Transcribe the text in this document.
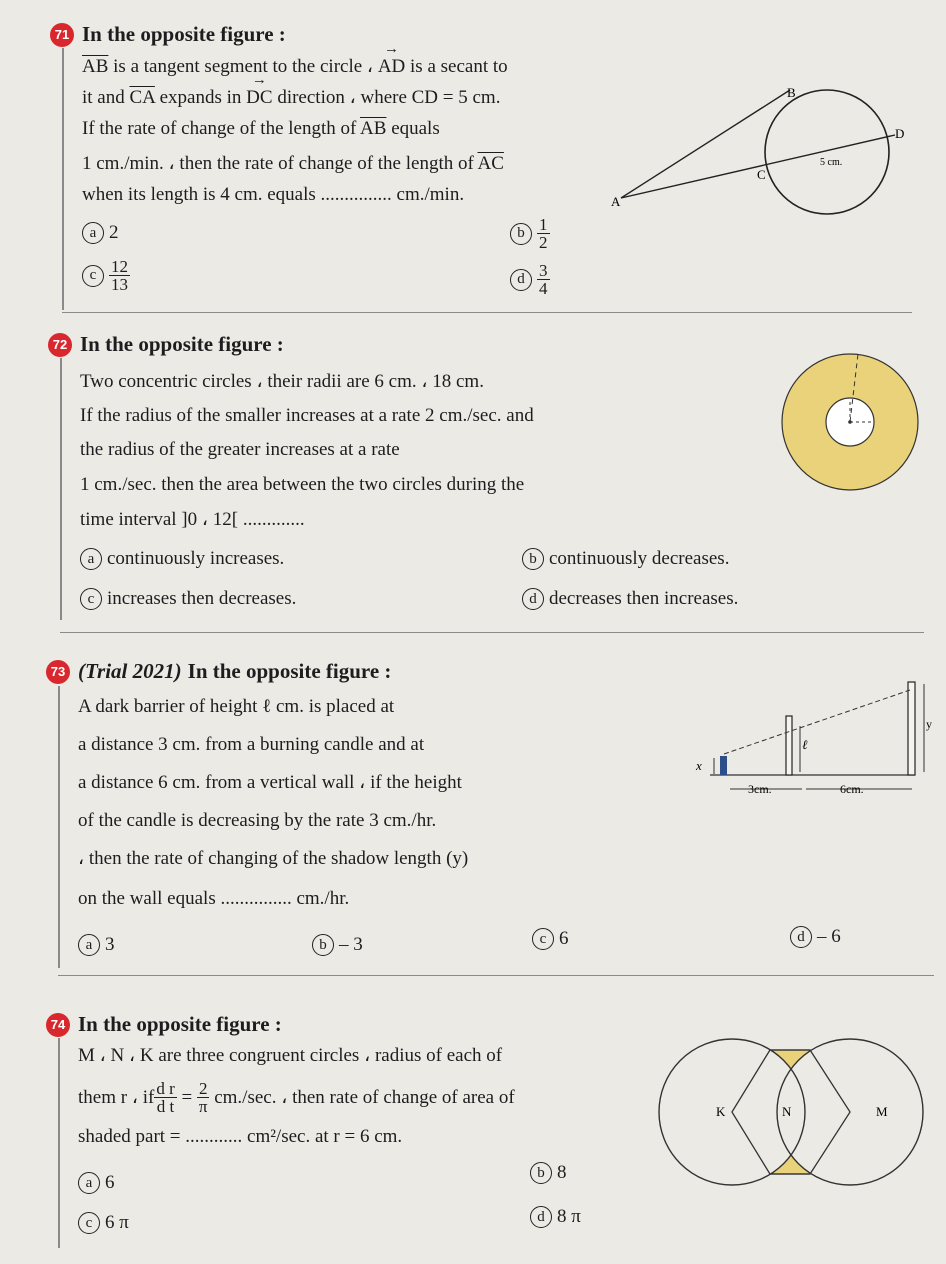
71 In the opposite figure :
$\overline{AB}$ is a tangent segment to the circle ، → AD is a secant to
it and $\overline{CA}$ expands in → DC direction ، where CD = 5 cm.
If the rate of change of the length of $\overline{AB}$ equals
1 cm./min. ، then the rate of change of the length of $\overline{AC}$
when its length is 4 cm. equals ............... cm./min.
a 2	b $\frac{1}{2}$
c $\frac{12}{13}$	d $\frac{3}{4}$
A
B
C
D
5 cm.
72 In the opposite figure :
Two concentric circles ، their radii are 6 cm. ، 18 cm.
If the radius of the smaller increases at a rate 2 cm./sec. and
the radius of the greater increases at a rate
1 cm./sec. then the area between the two circles during the
time interval ]0 ، 12[ .............
a continuously increases.	b continuously decreases.
c increases then decreases.	d decreases then increases.
73 (Trial 2021) In the opposite figure :
A dark barrier of height ℓ cm. is placed at
a distance 3 cm. from a burning candle and at
a distance 6 cm. from a vertical wall ، if the height
of the candle is decreasing by the rate 3 cm./hr.
، then the rate of changing of the shadow length (y)
on the wall equals ............... cm./hr.
a 3	b – 3	c 6	d – 6
x
ℓ
y
3cm.	6cm.
74 In the opposite figure :
M ، N ، K are three congruent circles ، radius of each of
them r ، if $\frac{\text{d r}}{\text{d t}} = \frac{2}{\pi} cm./\sec$. ، then rate of change of area of
shaded part = ............ cm²/sec. at r = 6 cm.
a 6	b 8
c 6 π	d 8 π
K	N	M
